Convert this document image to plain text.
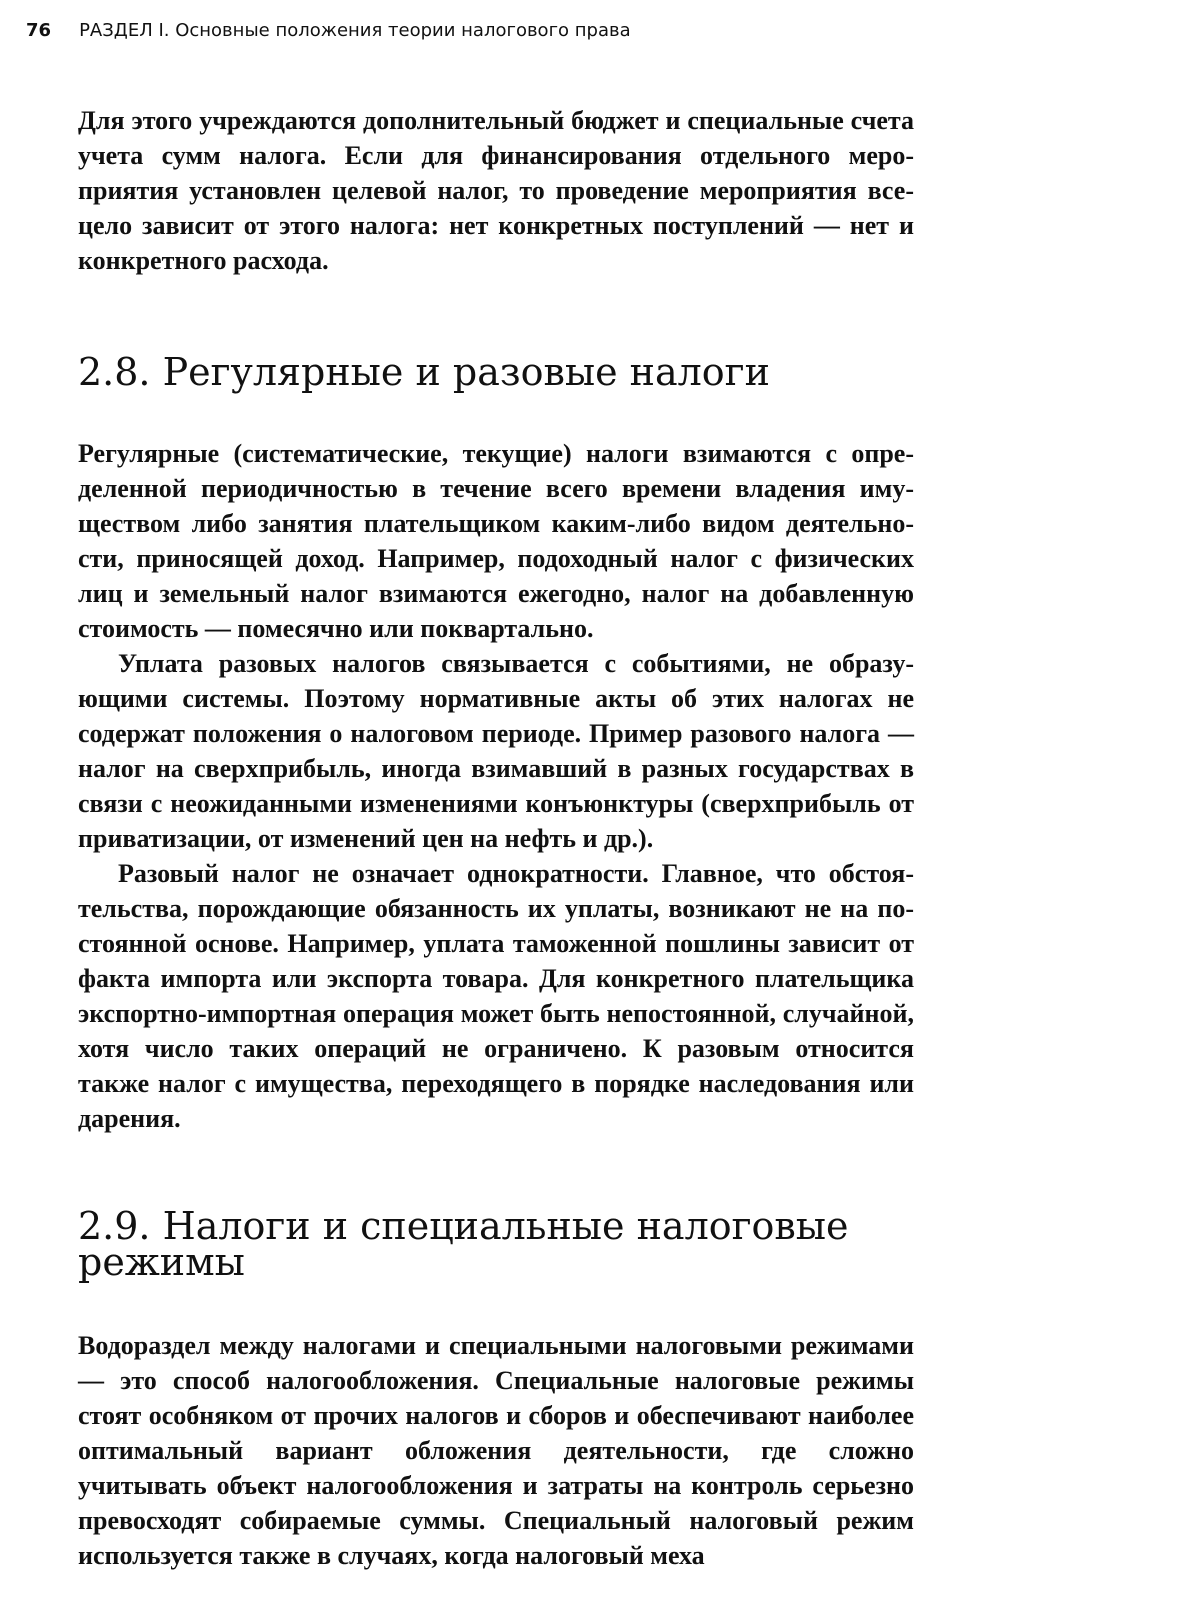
76 РАЗДЕЛ I. Основные положения теории налогового права

Для этого учреждаются дополнительный бюджет и специальные счета учета сумм налога. Если для финансирования отдельного мероприятия установлен целевой налог, то проведение мероприятия всецело зависит от этого налога: нет конкретных поступлений — нет и конкретного расхода.

2.8. Регулярные и разовые налоги

Регулярные (систематические, текущие) налоги взимаются с определенной периодичностью в течение всего времени владения имуществом либо занятия плательщиком каким-либо видом деятельности, приносящей доход. Например, подоходный налог с физических лиц и земельный налог взимаются ежегодно, налог на добавленную стоимость — помесячно или поквартально.

Уплата разовых налогов связывается с событиями, не образующими системы. Поэтому нормативные акты об этих налогах не содержат положения о налоговом периоде. Пример разового налога — налог на сверхприбыль, иногда взимавший в разных государствах в связи с неожиданными изменениями конъюнктуры (сверхприбыль от приватизации, от изменений цен на нефть и др.).

Разовый налог не означает однократности. Главное, что обстоятельства, порождающие обязанность их уплаты, возникают не на постоянной основе. Например, уплата таможенной пошлины зависит от факта импорта или экспорта товара. Для конкретного плательщика экспортно-импортная операция может быть непостоянной, случайной, хотя число таких операций не ограничено. К разовым относится также налог с имущества, переходящего в порядке наследования или дарения.

2.9. Налоги и специальные налоговые режимы

Водораздел между налогами и специальными налоговыми режимами — это способ налогообложения. Специальные налоговые режимы стоят особняком от прочих налогов и сборов и обеспечивают наиболее оптимальный вариант обложения деятельности, где сложно учитывать объект налогообложения и затраты на контроль серьезно превосходят собираемые суммы. Специальный налоговый режим используется также в случаях, когда налоговый меха
